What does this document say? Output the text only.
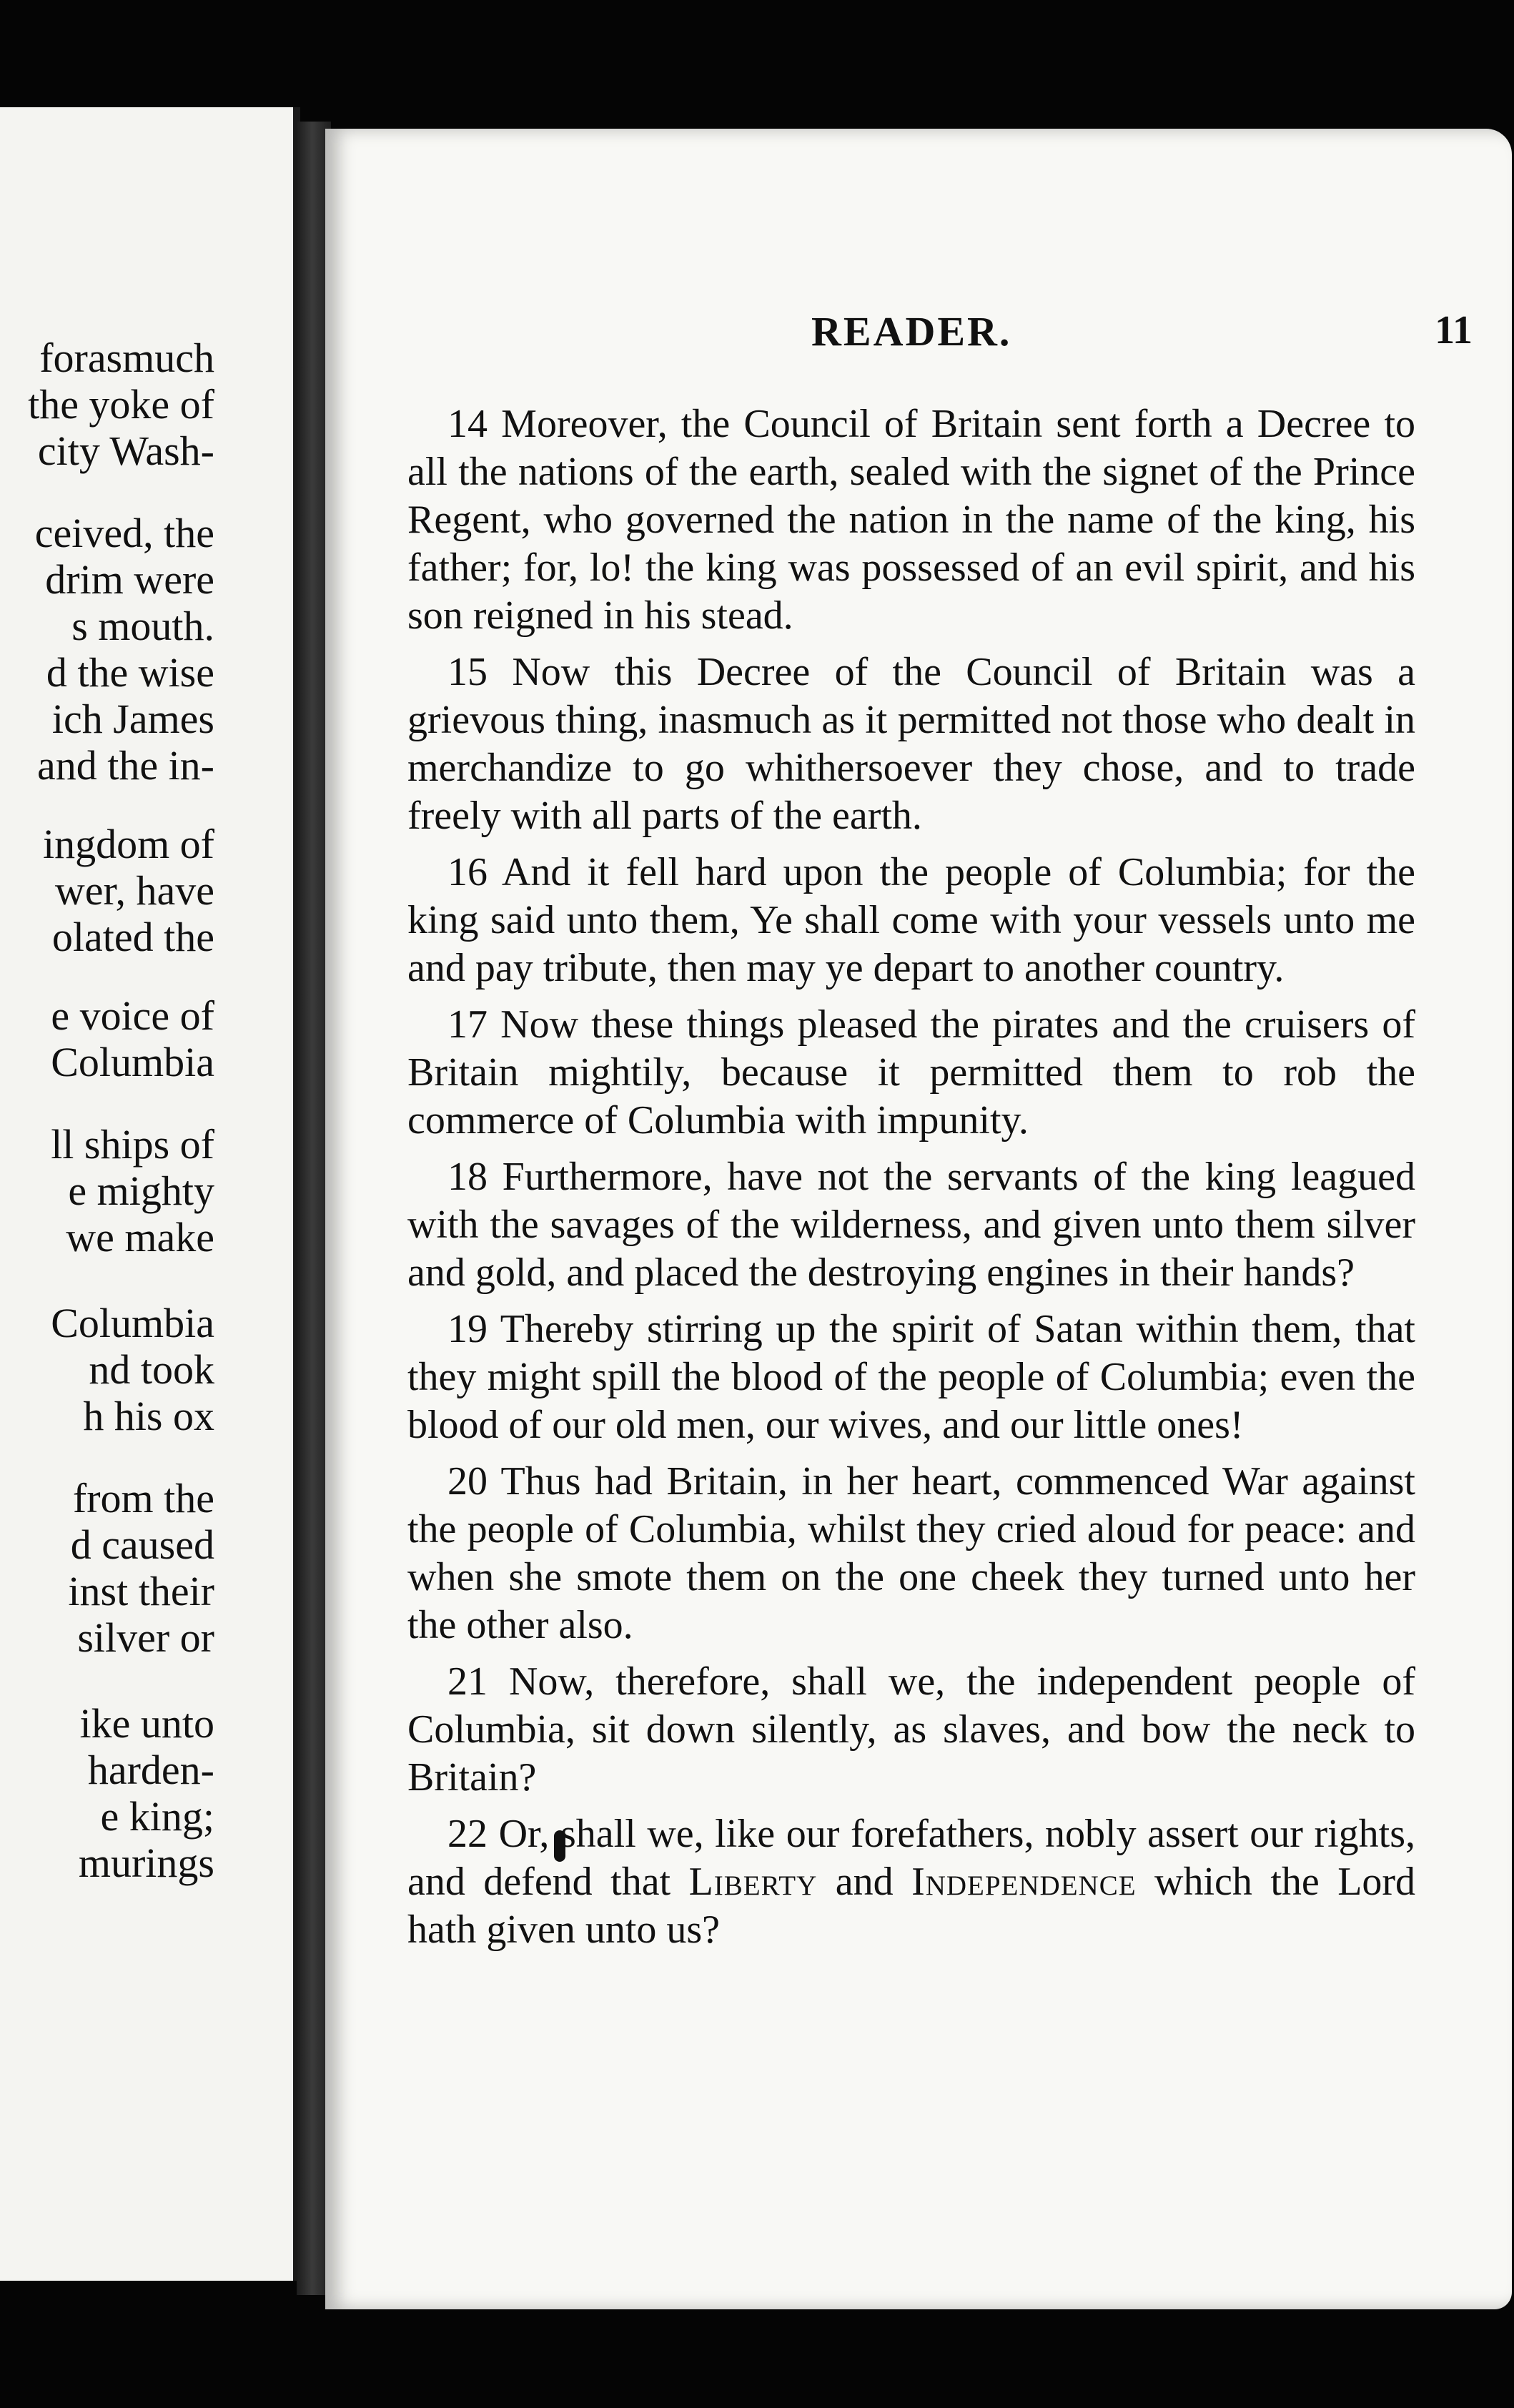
forasmuch
the yoke of
city Wash-
ceived, the
drim were
s mouth.
d the wise
ich James
and the in-
ingdom of
wer, have
olated the
e voice of
Columbia
ll ships of
e mighty
we make
Columbia
nd took
h his ox
from the
d caused
inst their
silver or
ike unto
harden-
e king;
murings
READER.	11

14 Moreover, the Council of Britain sent forth a Decree to all the nations of the earth, sealed with the signet of the Prince Regent, who governed the nation in the name of the king, his father; for, lo! the king was possessed of an evil spirit, and his son reigned in his stead.

15 Now this Decree of the Council of Britain was a grievous thing, inasmuch as it permitted not those who dealt in merchandize to go whithersoever they chose, and to trade freely with all parts of the earth.

16 And it fell hard upon the people of Columbia; for the king said unto them, Ye shall come with your vessels unto me and pay tribute, then may ye depart to another country.

17 Now these things pleased the pirates and the cruisers of Britain mightily, because it permitted them to rob the commerce of Columbia with impunity.

18 Furthermore, have not the servants of the king leagued with the savages of the wilderness, and given unto them silver and gold, and placed the destroying engines in their hands?

19 Thereby stirring up the spirit of Satan within them, that they might spill the blood of the people of Columbia; even the blood of our old men, our wives, and our little ones!

20 Thus had Britain, in her heart, commenced War against the people of Columbia, whilst they cried aloud for peace: and when she smote them on the one cheek they turned unto her the other also.

21 Now, therefore, shall we, the independent people of Columbia, sit down silently, as slaves, and bow the neck to Britain?

22 Or, shall we, like our forefathers, nobly assert our rights, and defend that Liberty and Independence which the Lord hath given unto us?
